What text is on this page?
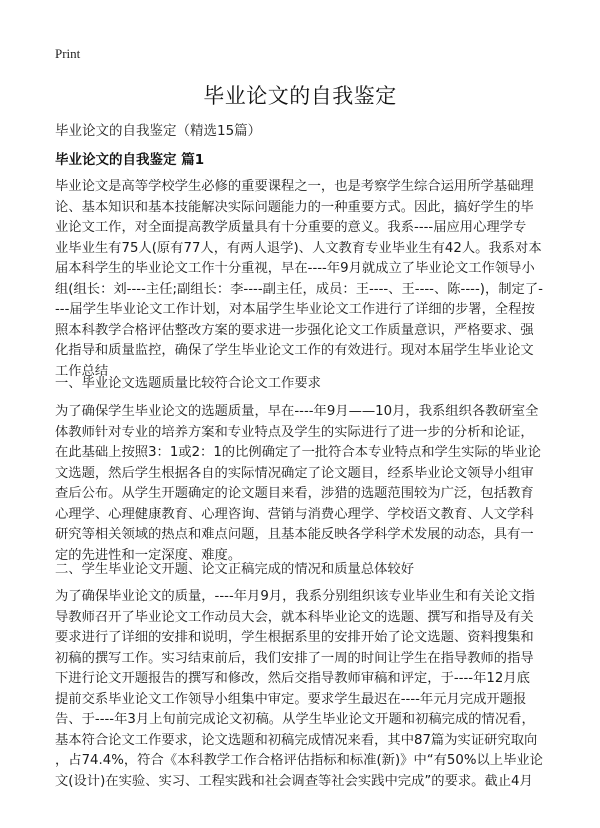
Print
毕业论文的自我鉴定
毕业论文的自我鉴定（精选15篇）
毕业论文的自我鉴定 篇1
毕业论文是高等学校学生必修的重要课程之一，也是考察学生综合运用所学基础理
论、基本知识和基本技能解决实际问题能力的一种重要方式。因此，搞好学生的毕
业论文工作，对全面提高教学质量具有十分重要的意义。我系----届应用心理学专
业毕业生有75人(原有77人，有两人退学)、人文教育专业毕业生有42人。我系对本
届本科学生的毕业论文工作十分重视，早在----年9月就成立了毕业论文工作领导小
组(组长：刘----主任;副组长：李----副主任，成员：王----、王----、陈----)，制定了-
---届学生毕业论文工作计划，对本届学生毕业论文工作进行了详细的步署，全程按
照本科教学合格评估整改方案的要求进一步强化论文工作质量意识，严格要求、强
化指导和质量监控，确保了学生毕业论文工作的有效进行。现对本届学生毕业论文
工作总结
一、毕业论文选题质量比较符合论文工作要求
为了确保学生毕业论文的选题质量，早在----年9月——10月，我系组织各教研室全
体教师针对专业的培养方案和专业特点及学生的实际进行了进一步的分析和论证，
在此基础上按照3：1或2：1的比例确定了一批符合本专业特点和学生实际的毕业论
文选题，然后学生根据各自的实际情况确定了论文题目，经系毕业论文领导小组审
查后公布。从学生开题确定的论文题目来看，涉猎的选题范围较为广泛，包括教育
心理学、心理健康教育、心理咨询、营销与消费心理学、学校语文教育、人文学科
研究等相关领域的热点和难点问题，且基本能反映各学科学术发展的动态，具有一
定的先进性和一定深度、难度。
二、学生毕业论文开题、论文正稿完成的情况和质量总体较好
为了确保毕业论文的质量，----年月9月，我系分别组织该专业毕业生和有关论文指
导教师召开了毕业论文工作动员大会，就本科毕业论文的选题、撰写和指导及有关
要求进行了详细的安排和说明，学生根据系里的安排开始了论文选题、资料搜集和
初稿的撰写工作。实习结束前后，我们安排了一周的时间让学生在指导教师的指导
下进行论文开题报告的撰写和修改，然后交指导教师审稿和评定，于----年12月底
提前交系毕业论文工作领导小组集中审定。要求学生最迟在----年元月完成开题报
告、于----年3月上旬前完成论文初稿。从学生毕业论文开题和初稿完成的情况看，
基本符合论文工作要求，论文选题和初稿完成情况来看，其中87篇为实证研究取向
，占74.4%，符合《本科教学工作合格评估指标和标准(新)》中“有50%以上毕业论
文(设计)在实验、实习、工程实践和社会调查等社会实践中完成”的要求。截止4月
